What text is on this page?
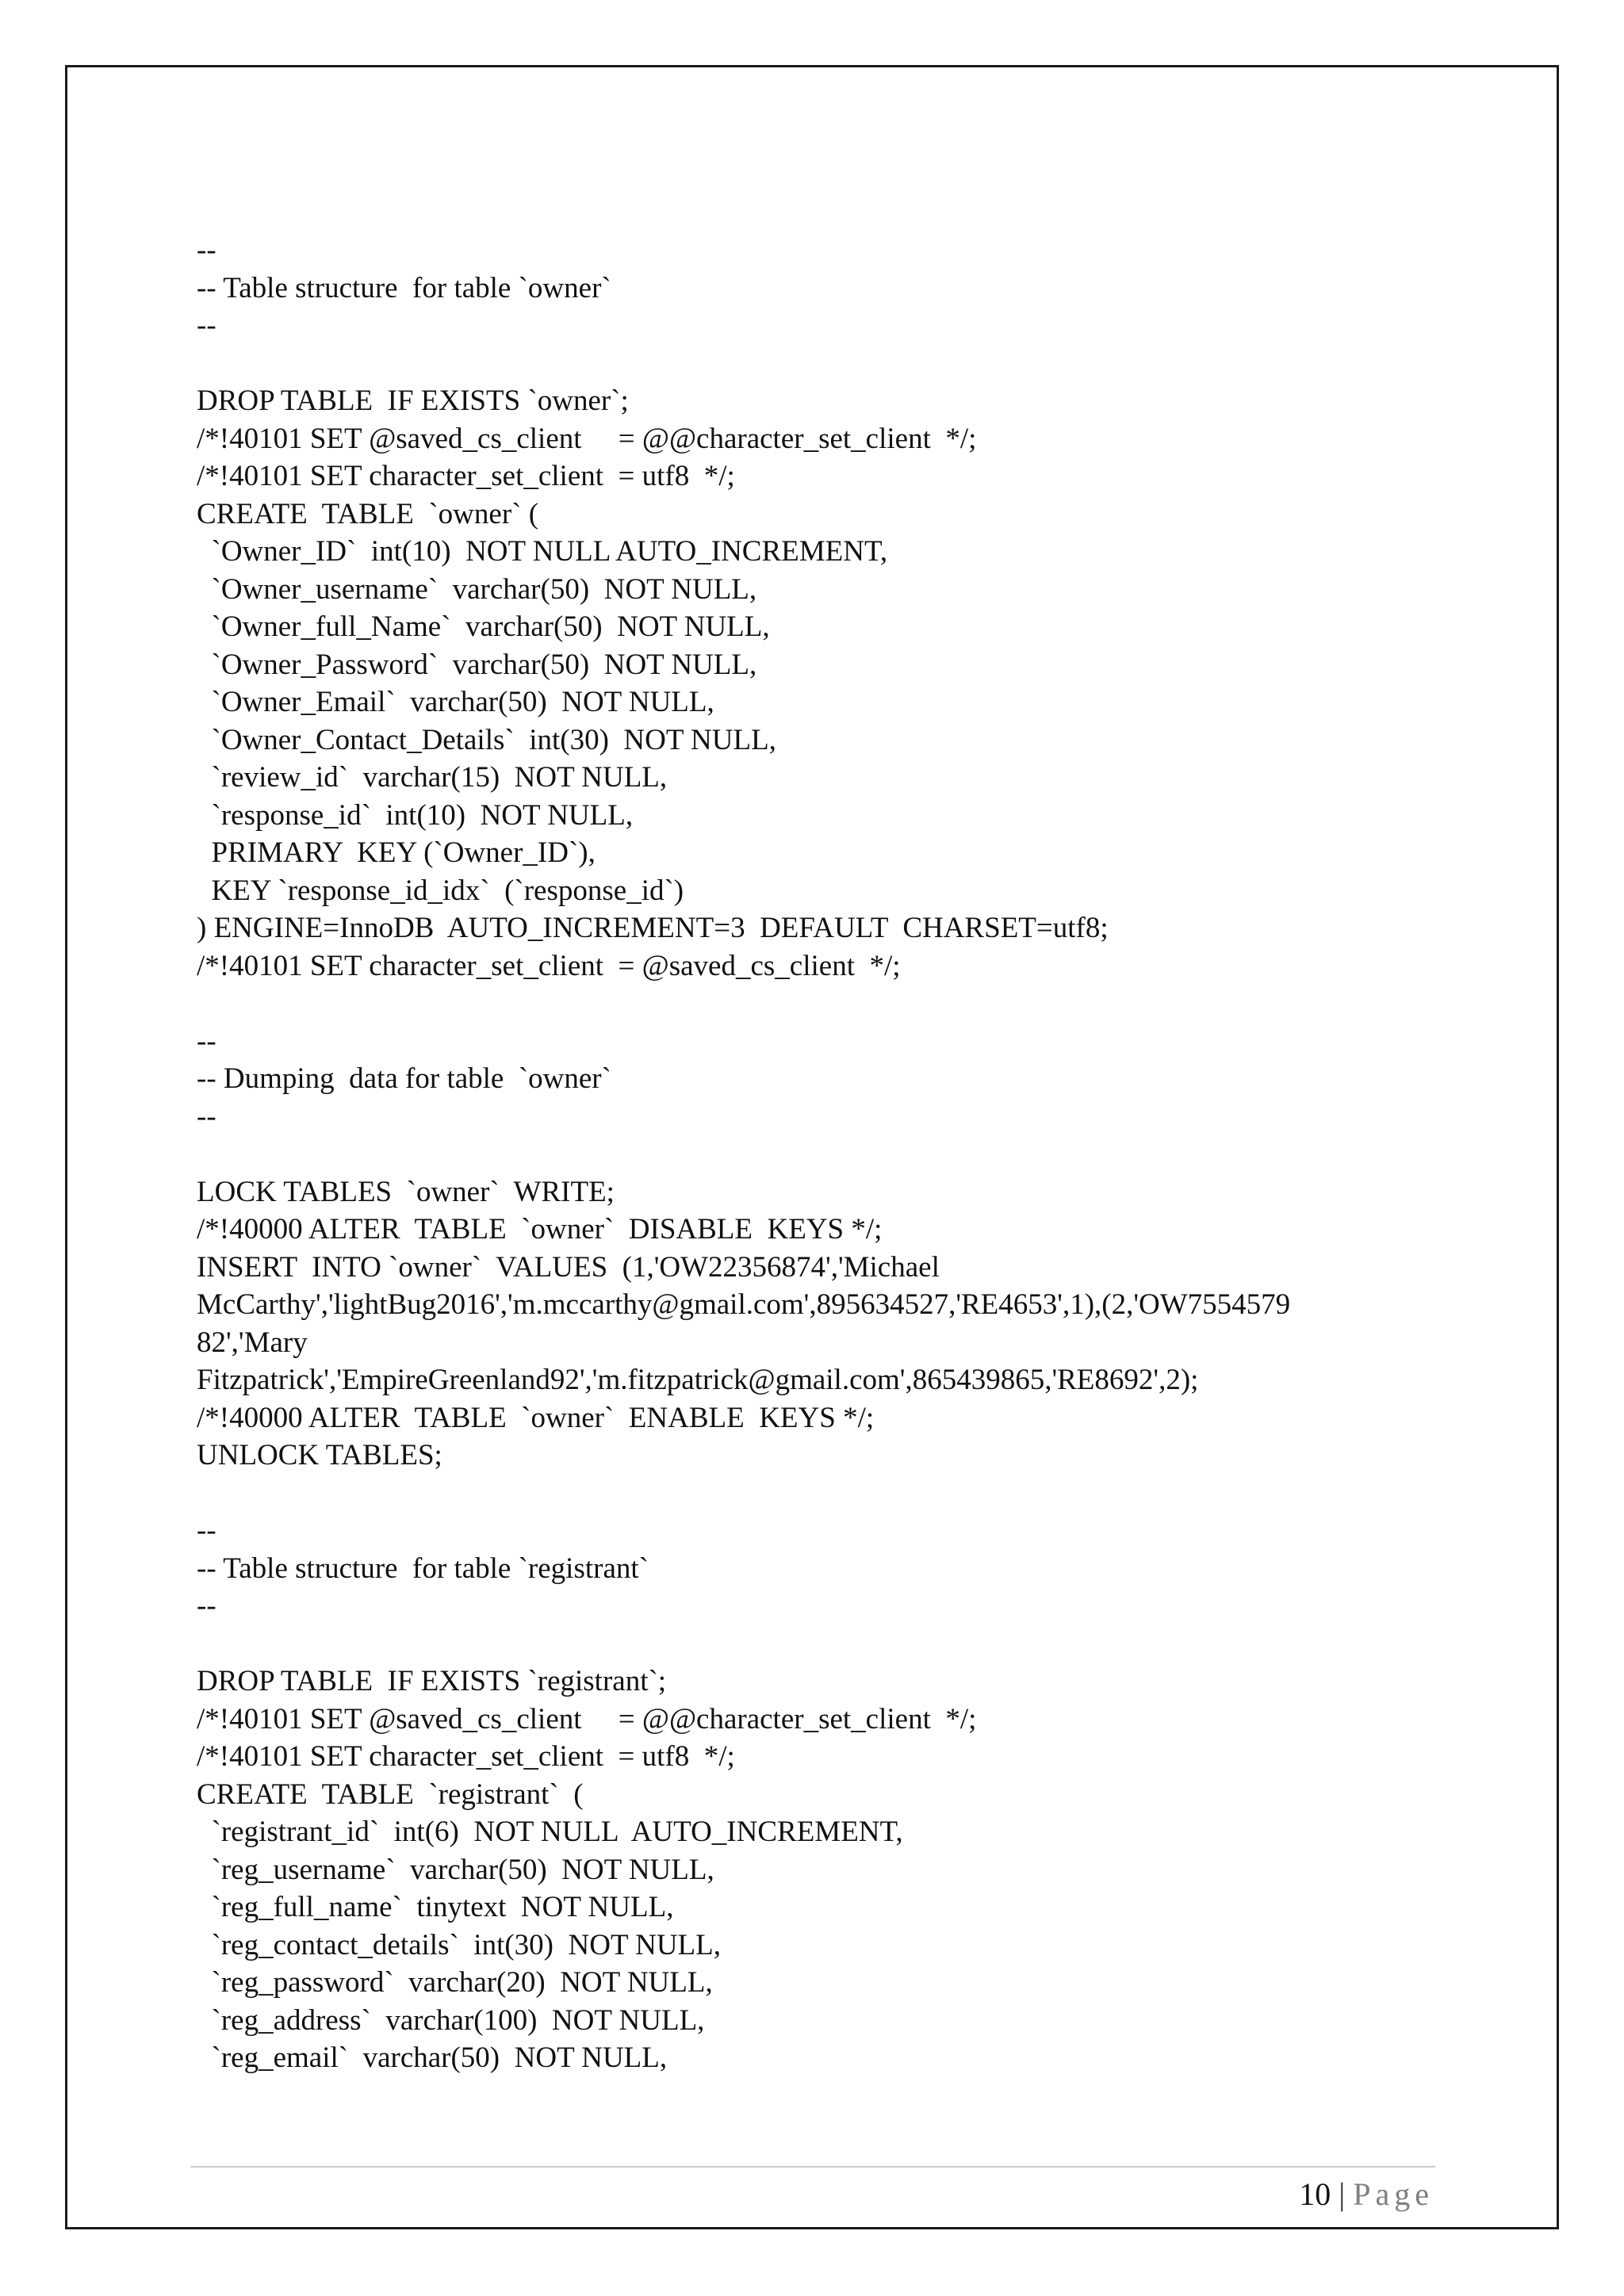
--
-- Table structure  for table `owner`
--
DROP TABLE  IF EXISTS `owner`;
/*!40101 SET @saved_cs_client     = @@character_set_client  */;
/*!40101 SET character_set_client  = utf8  */;
CREATE  TABLE  `owner` (
`Owner_ID`  int(10)  NOT NULL AUTO_INCREMENT,
`Owner_username`  varchar(50)  NOT NULL,
`Owner_full_Name`  varchar(50)  NOT NULL,
`Owner_Password`  varchar(50)  NOT NULL,
`Owner_Email`  varchar(50)  NOT NULL,
`Owner_Contact_Details`  int(30)  NOT NULL,
`review_id`  varchar(15)  NOT NULL,
`response_id`  int(10)  NOT NULL,
PRIMARY  KEY (`Owner_ID`),
KEY `response_id_idx`  (`response_id`)
) ENGINE=InnoDB  AUTO_INCREMENT=3  DEFAULT  CHARSET=utf8;
/*!40101 SET character_set_client  = @saved_cs_client  */;
--
-- Dumping  data for table  `owner`
--
LOCK TABLES  `owner`  WRITE;
/*!40000 ALTER  TABLE  `owner`  DISABLE  KEYS */;
INSERT  INTO `owner`  VALUES  (1,'OW22356874','Michael
McCarthy','lightBug2016','m.mccarthy@gmail.com',895634527,'RE4653',1),(2,'OW7554579
82','Mary
Fitzpatrick','EmpireGreenland92','m.fitzpatrick@gmail.com',865439865,'RE8692',2);
/*!40000 ALTER  TABLE  `owner`  ENABLE  KEYS */;
UNLOCK TABLES;
--
-- Table structure  for table `registrant`
--
DROP TABLE  IF EXISTS `registrant`;
/*!40101 SET @saved_cs_client     = @@character_set_client  */;
/*!40101 SET character_set_client  = utf8  */;
CREATE  TABLE  `registrant`  (
`registrant_id`  int(6)  NOT NULL  AUTO_INCREMENT,
`reg_username`  varchar(50)  NOT NULL,
`reg_full_name`  tinytext  NOT NULL,
`reg_contact_details`  int(30)  NOT NULL,
`reg_password`  varchar(20)  NOT NULL,
`reg_address`  varchar(100)  NOT NULL,
`reg_email`  varchar(50)  NOT NULL,
10 | Page
